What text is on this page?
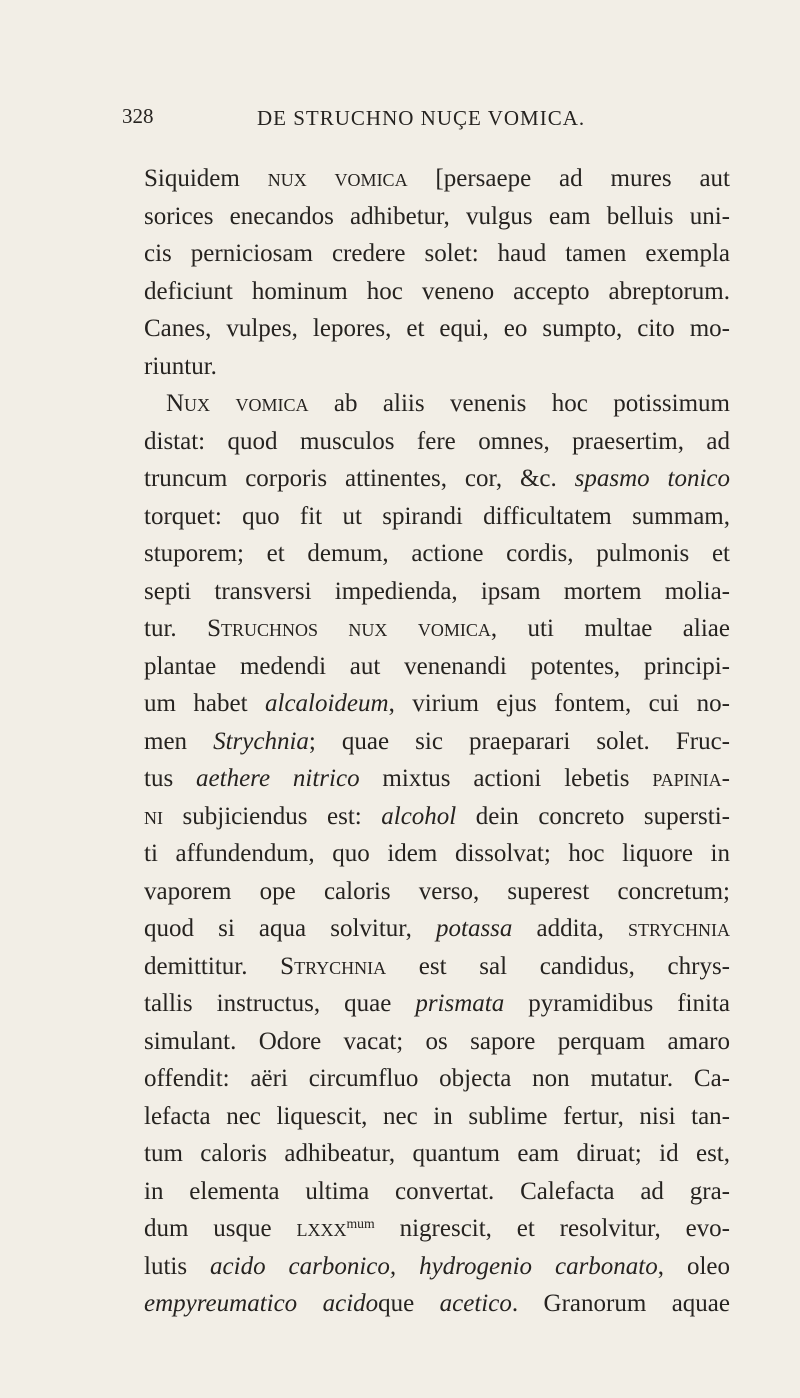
328	DE STRUCHNO NUÇE VOMICA.
Siquidem nux vomica [persaepe ad mures aut
sorices enecandos adhibetur, vulgus eam belluis uni-
cis perniciosam credere solet: haud tamen exempla
deficiunt hominum hoc veneno accepto abreptorum.
Canes, vulpes, lepores, et equi, eo sumpto, cito mo-
riuntur.
Nux vomica ab aliis venenis hoc potissimum
distat: quod musculos fere omnes, praesertim, ad
truncum corporis attinentes, cor, &c. spasmo tonico
torquet: quo fit ut spirandi difficultatem summam,
stuporem; et demum, actione cordis, pulmonis et
septi transversi impedienda, ipsam mortem molia-
tur. Struchnos nux vomica, uti multae aliae
plantae medendi aut venenandi potentes, principi-
um habet alcaloideum, virium ejus fontem, cui no-
men Strychnia; quae sic praeparari solet. Fruc-
tus aethere nitrico mixtus actioni lebetis papinia-
ni subjiciendus est: alcohol dein concreto supersti-
ti affundendum, quo idem dissolvat; hoc liquore in
vaporem ope caloris verso, superest concretum;
quod si aqua solvitur, potassa addita, strychnia
demittitur. Strychnia est sal candidus, chrys-
tallis instructus, quae prismata pyramidibus finita
simulant. Odore vacat; os sapore perquam amaro
offendit: aëri circumfluo objecta non mutatur. Ca-
lefacta nec liquescit, nec in sublime fertur, nisi tan-
tum caloris adhibeatur, quantum eam diruat; id est,
in elementa ultima convertat. Calefacta ad gra-
dum usque lxxx$^{mum}$ nigrescit, et resolvitur, evo-
lutis acido carbonico, hydrogenio carbonato, oleo
empyreumatico acidoque acetico. Granorum aquae
